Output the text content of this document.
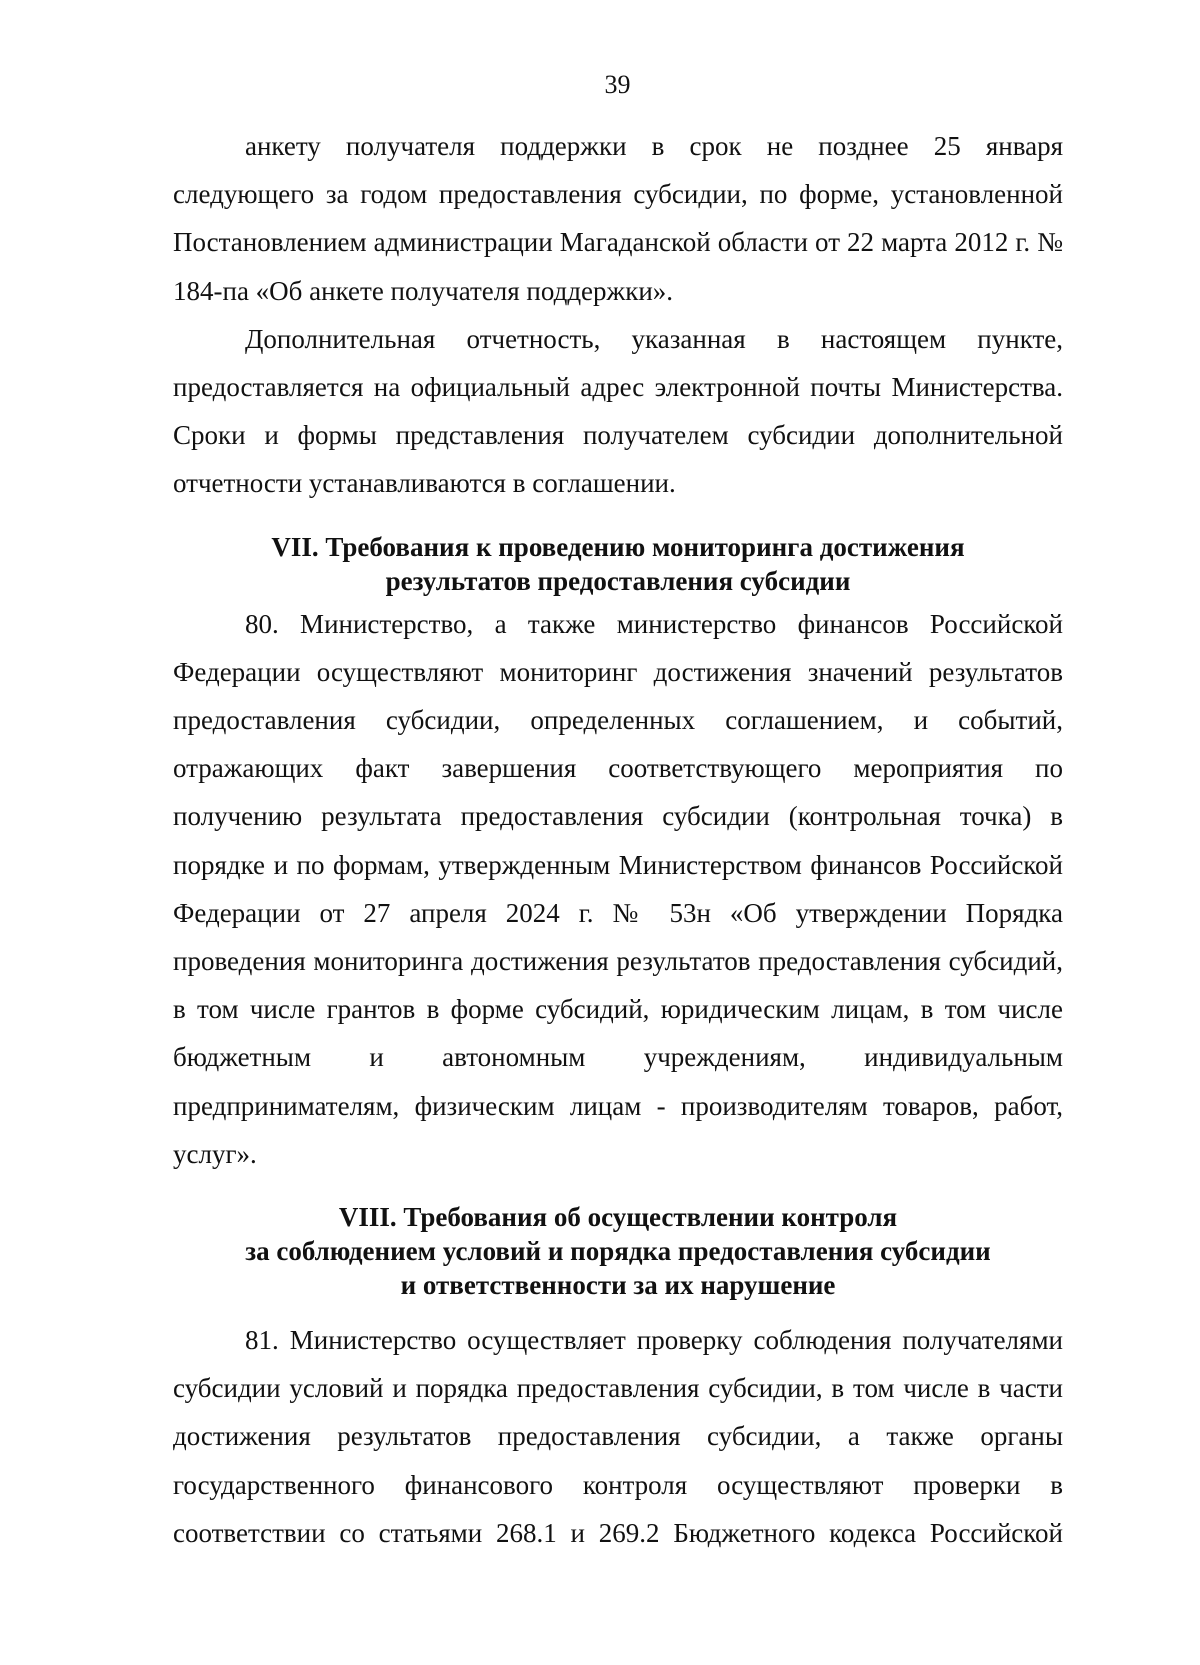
39

анкету получателя поддержки в срок не позднее 25 января следующего за годом предоставления субсидии, по форме, установленной Постановлением администрации Магаданской области от 22 марта 2012 г. № 184-па «Об анкете получателя поддержки».

Дополнительная отчетность, указанная в настоящем пункте, предоставляется на официальный адрес электронной почты Министерства. Сроки и формы представления получателем субсидии дополнительной отчетности устанавливаются в соглашении.

VII. Требования к проведению мониторинга достижения
результатов предоставления субсидии

80. Министерство, а также министерство финансов Российской Федерации осуществляют мониторинг достижения значений результатов предоставления субсидии, определенных соглашением, и событий, отражающих факт завершения соответствующего мероприятия по получению результата предоставления субсидии (контрольная точка) в порядке и по формам, утвержденным Министерством финансов Российской Федерации от 27 апреля 2024 г. № 53н «Об утверждении Порядка проведения мониторинга достижения результатов предоставления субсидий, в том числе грантов в форме субсидий, юридическим лицам, в том числе бюджетным и автономным учреждениям, индивидуальным предпринимателям, физическим лицам - производителям товаров, работ, услуг».

VIII. Требования об осуществлении контроля
за соблюдением условий и порядка предоставления субсидии
и ответственности за их нарушение

81. Министерство осуществляет проверку соблюдения получателями субсидии условий и порядка предоставления субсидии, в том числе в части достижения результатов предоставления субсидии, а также органы государственного финансового контроля осуществляют проверки в соответствии со статьями 268.1 и 269.2 Бюджетного кодекса Российской
